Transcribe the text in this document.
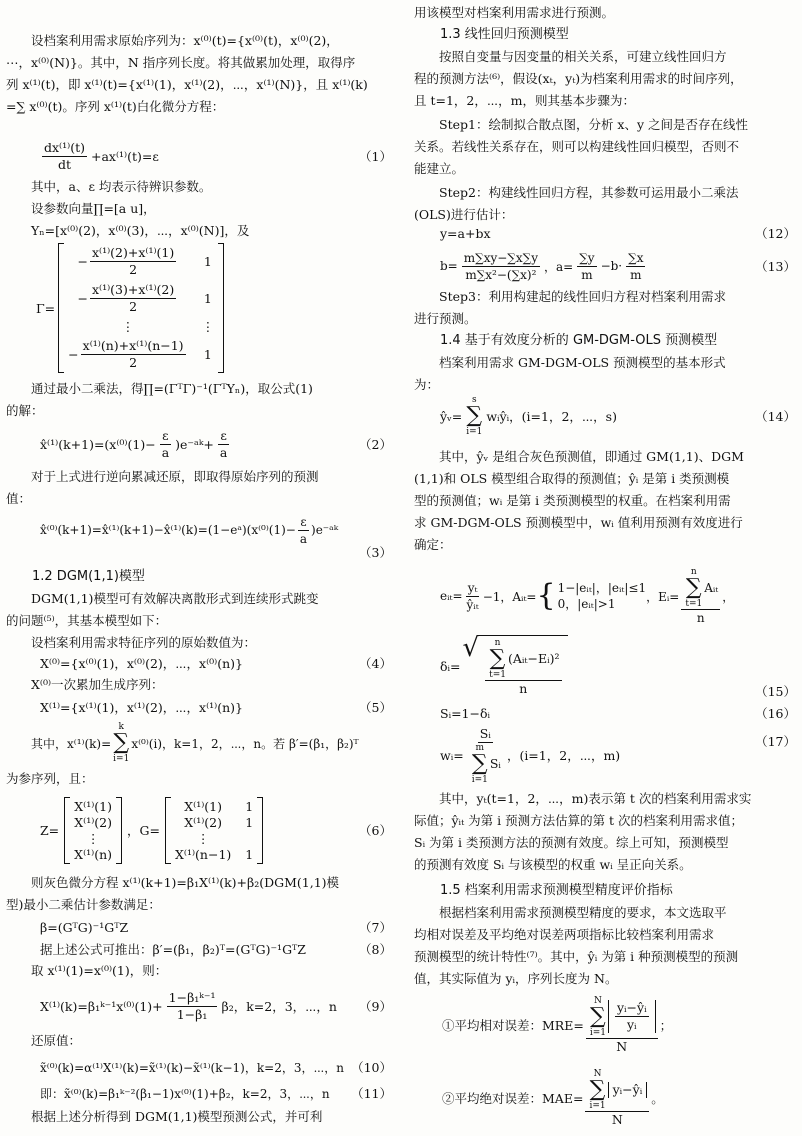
设档案利用需求原始序列为：x⁽⁰⁾(t)={x⁽⁰⁾(t)，x⁽⁰⁾(2)，

⋯，x⁽⁰⁾(N)}。其中，N 指序列长度。将其做累加处理，取得序

列 x⁽¹⁾(t)，即 x⁽¹⁾(t)={x⁽¹⁾(1)，x⁽¹⁾(2)，⋯，x⁽¹⁾(N)}，且 x⁽¹⁾(k)

=∑ x⁽⁰⁾(t)。序列 x⁽¹⁾(t)白化微分方程：

$\frac{\text{dx⁽¹⁾(t)}}{dt} +ax^{(1)}(t)=\varepsilon$	（1）

其中，a、ε 均表示待辨识参数。

设参数向量∏=[a u]，

Yₙ=[x⁽⁰⁾(2)，x⁽⁰⁾(3)，⋯，x⁽⁰⁾(N)]，及

Γ=
− $\frac{\text{x⁽¹⁾(2)+x⁽¹⁾(1)}}{2} 1$
− $\frac{\text{x⁽¹⁾(3)+x⁽¹⁾(2)}}{2} 1$
⋮	⋮
− $\frac{\text{x⁽¹⁾(n)+x⁽¹⁾(n−1)}}{2} 1$

通过最小二乘法，得∏=(ΓᵀΓ)⁻¹(ΓᵀYₙ)，取公式(1)

的解：

x̂⁽¹⁾(k+1)=(x⁽⁰⁾(1)− $\frac{\varepsilon}{a}$ )e⁻ᵃᵏ+ $\frac{\varepsilon}{a}$	（2）

对于上式进行逆向累减还原，即取得原始序列的预测

值：

x̂⁽⁰⁾(k+1)=x̂⁽¹⁾(k+1)−x̂⁽¹⁾(k)=(1−eᵃ)(x⁽⁰⁾(1)− $\frac{\varepsilon}{a}$ )e⁻ᵃᵏ
（3）

1.2 DGM(1,1)模型

DGM(1,1)模型可有效解决离散形式到连续形式跳变

的问题⁽⁵⁾，其基本模型如下：

设档案利用需求特征序列的原始数值为：

X⁽⁰⁾={x⁽⁰⁾(1)，x⁽⁰⁾(2)，⋯，x⁽⁰⁾(n)}	（4）

X⁽⁰⁾一次累加生成序列：

X⁽¹⁾={x⁽¹⁾(1)，x⁽¹⁾(2)，⋯，x⁽¹⁾(n)}	（5）
其中，x⁽¹⁾(k)=
k
∑
i=1
x⁽⁰⁾(i)，k=1，2，⋯，n。若 β′=(β₁，β₂)ᵀ

为参序列，且：

Z=
X⁽¹⁾(1)
X⁽¹⁾(2)
⋮
X⁽¹⁾(n)
，G=
X⁽¹⁾(1) 1
X⁽¹⁾(2) 1
⋮
X⁽¹⁾(n−1) 1
（6）

则灰色微分方程 x⁽¹⁾(k+1)=β₁X⁽¹⁾(k)+β₂(DGM(1,1)模

型)最小二乘估计参数满足：

β=(GᵀG)⁻¹GᵀZ	（7）
据上述公式可推出：β′=(β₁，β₂)ᵀ=(GᵀG)⁻¹GᵀZ	（8）

取 x⁽¹⁾(1)=x⁽⁰⁾(1)，则：

X⁽¹⁾(k)=β₁ᵏ⁻¹x⁽⁰⁾(1)+ $\frac{\text{1−β₁ᵏ⁻¹}}{\text{1−β₁}} \beta_2$，k=2，3，⋯，n （9）

还原值：

x̃⁽⁰⁾(k)=α⁽¹⁾X⁽¹⁾(k)=x̃⁽¹⁾(k)−x̃⁽¹⁾(k−1)，k=2，3，⋯，n （10）
即：x̃⁽⁰⁾(k)=β₁ᵏ⁻²(β₁−1)x⁽⁰⁾(1)+β₂，k=2，3，⋯，n （11）

根据上述分析得到 DGM(1,1)模型预测公式，并可利

用该模型对档案利用需求进行预测。

1.3 线性回归预测模型

按照自变量与因变量的相关关系，可建立线性回归方

程的预测方法⁽⁶⁾，假设(xₜ，yₜ)为档案利用需求的时间序列，

且 t=1，2，⋯，m，则其基本步骤为：

Step1：绘制拟合散点图，分析 x、y 之间是否存在线性

关系。若线性关系存在，则可以构建线性回归模型，否则不

能建立。

Step2：构建线性回归方程，其参数可运用最小二乘法

(OLS)进行估计：

y=a+bx	（12）
$b= \frac{m\sum xy-\sum x\sum y}{\text{m∑x²−(∑x)²}}$ ，$a= \frac{\sum y}{m} -b\cdot \frac{\sum x}{m}$	（13）

Step3：利用构建起的线性回归方程对档案利用需求

进行预测。

1.4 基于有效度分析的 GM-DGM-OLS 预测模型

档案利用需求 GM-DGM-OLS 预测模型的基本形式

为：

ŷᵥ=
s
∑
i=1
wᵢŷᵢ，(i=1，2，⋯，s)	（14）

其中，ŷᵥ 是组合灰色预测值，即通过 GM(1,1)、DGM

(1,1)和 OLS 模型组合取得的预测值；ŷᵢ 是第 i 类预测模

型的预测值；wᵢ 是第 i 类预测模型的权重。在档案利用需

求 GM-DGM-OLS 预测模型中，wᵢ 值利用预测有效度进行

确定：

eᵢₜ= $\frac{\text{yₜ}}{\text{ŷᵢₜ}} -1$，Aᵢₜ= { 1−|eᵢₜ|，|eᵢₜ|≤1
0，|eᵢₜ|>1
，Eᵢ= n
∑
t=1
Aᵢₜ
n ，
δᵢ=
√ n
∑
t=1
(Aᵢₜ−Eᵢ)²
n	（15）
Sᵢ=1−δᵢ	（16）
wᵢ= Sᵢ
m
∑
i=1
Sᵢ ，(i=1，2，⋯，m)
（17）

其中，yₜ(t=1，2，⋯，m)表示第 t 次的档案利用需求实

际值；ŷᵢₜ 为第 i 预测方法估算的第 t 次的档案利用需求值；

Sᵢ 为第 i 类预测方法的预测有效度。综上可知，预测模型

的预测有效度 Sᵢ 与该模型的权重 wᵢ 呈正向关系。

1.5 档案利用需求预测模型精度评价指标

根据档案利用需求预测模型精度的要求，本文选取平

均相对误差及平均绝对误差两项指标比较档案利用需求

预测模型的统计特性⁽⁷⁾。其中，ŷᵢ 为第 i 种预测模型的预测

值，其实际值为 yᵢ，序列长度为 N。

①平均相对误差：MRE= N
∑
$i=1 \frac{\text{yᵢ−ŷᵢ}}{\text{yᵢ}}$
N ；
②平均绝对误差：MAE= N
∑
i=1
yᵢ−ŷᵢ
N 。
